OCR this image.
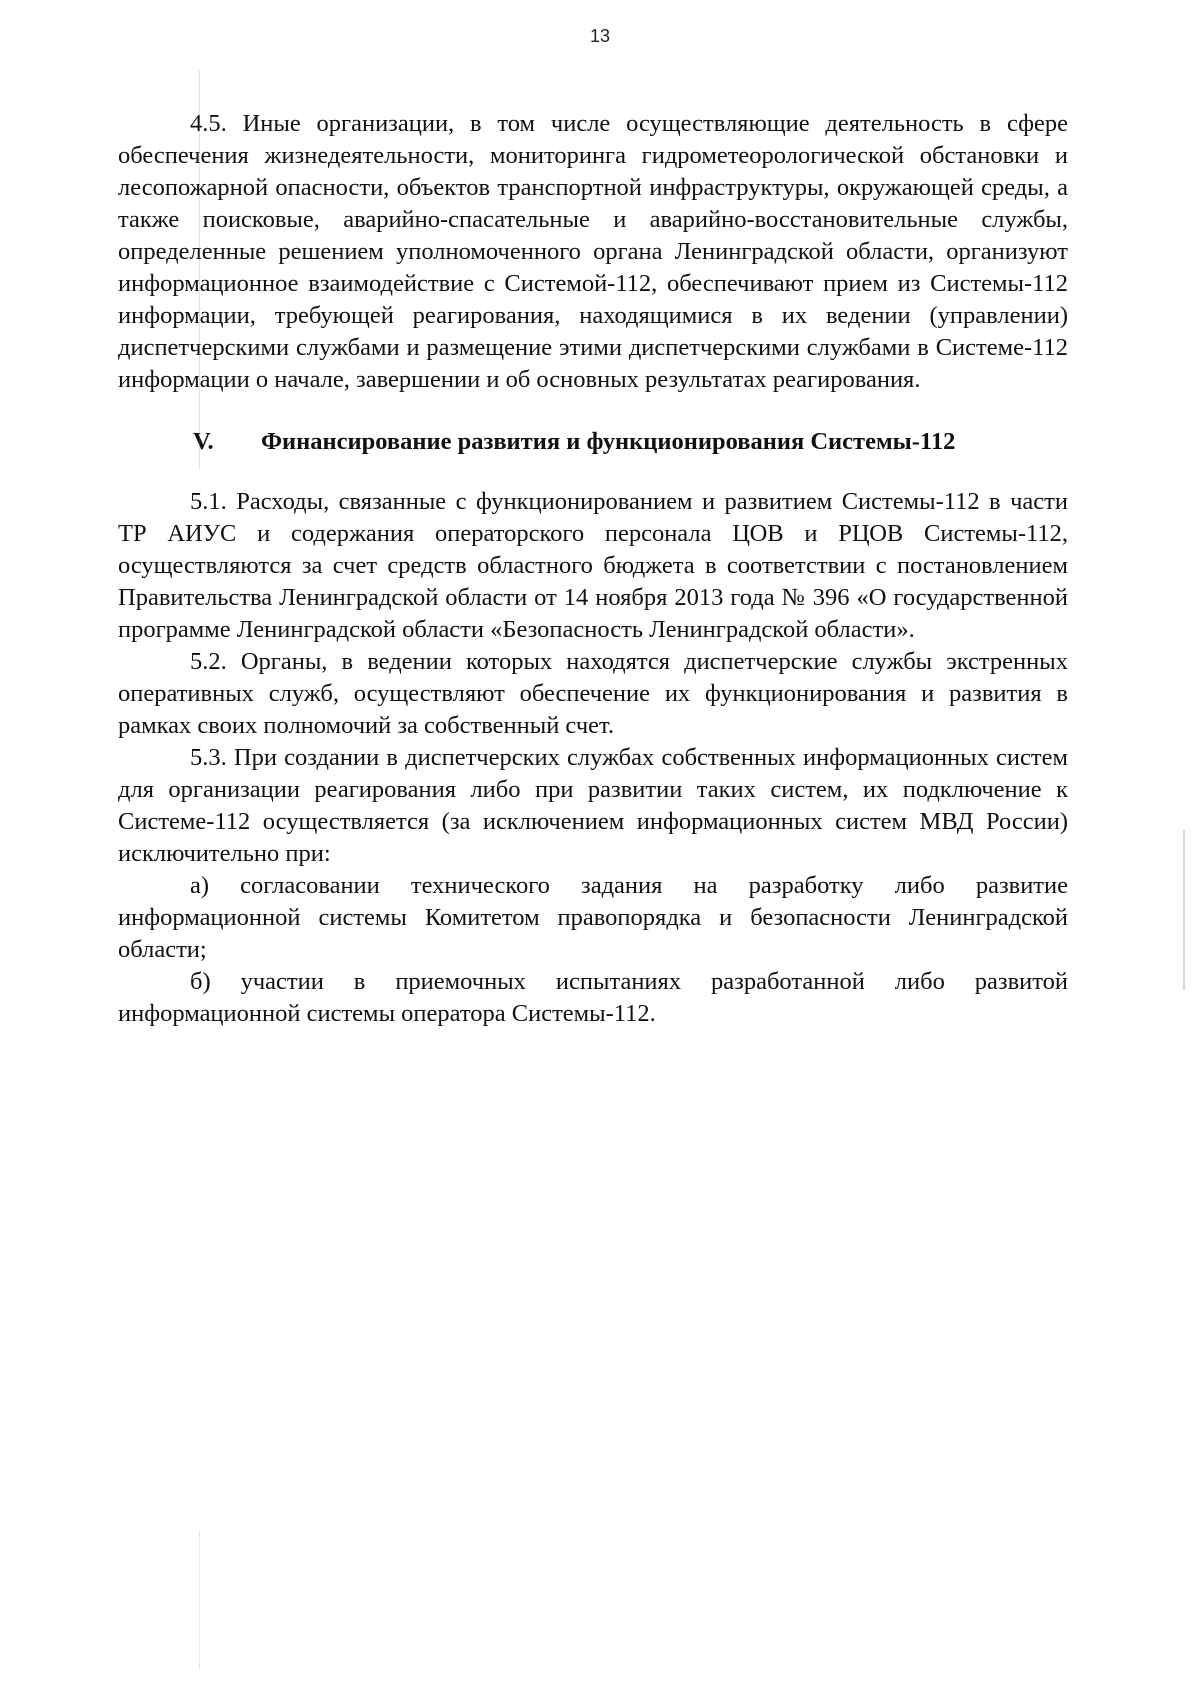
13

4.5. Иные организации, в том числе осуществляющие деятельность в сфере обеспечения жизнедеятельности, мониторинга гидрометеорологической обстановки и лесопожарной опасности, объектов транспортной инфраструктуры, окружающей среды, а также поисковые, аварийно-спасательные и аварийно-восстановительные службы, определенные решением уполномоченного органа Ленинградской области, организуют информационное взаимодействие с Системой-112, обеспечивают прием из Системы-112 информации, требующей реагирования, находящимися в их ведении (управлении) диспетчерскими службами и размещение этими диспетчерскими службами в Системе-112 информации о начале, завершении и об основных результатах реагирования.

V.	Финансирование развития и функционирования Системы-112

5.1. Расходы, связанные с функционированием и развитием Системы-112 в части ТР АИУС и содержания операторского персонала ЦОВ и РЦОВ Системы-112, осуществляются за счет средств областного бюджета в соответствии с постановлением Правительства Ленинградской области от 14 ноября 2013 года № 396 «О государственной программе Ленинградской области «Безопасность Ленинградской области».

5.2. Органы, в ведении которых находятся диспетчерские службы экстренных оперативных служб, осуществляют обеспечение их функционирования и развития в рамках своих полномочий за собственный счет.

5.3. При создании в диспетчерских службах собственных информационных систем для организации реагирования либо при развитии таких систем, их подключение к Системе-112 осуществляется (за исключением информационных систем МВД России) исключительно при:

а) согласовании технического задания на разработку либо развитие информационной системы Комитетом правопорядка и безопасности Ленинградской области;

б) участии в приемочных испытаниях разработанной либо развитой информационной системы оператора Системы-112.
